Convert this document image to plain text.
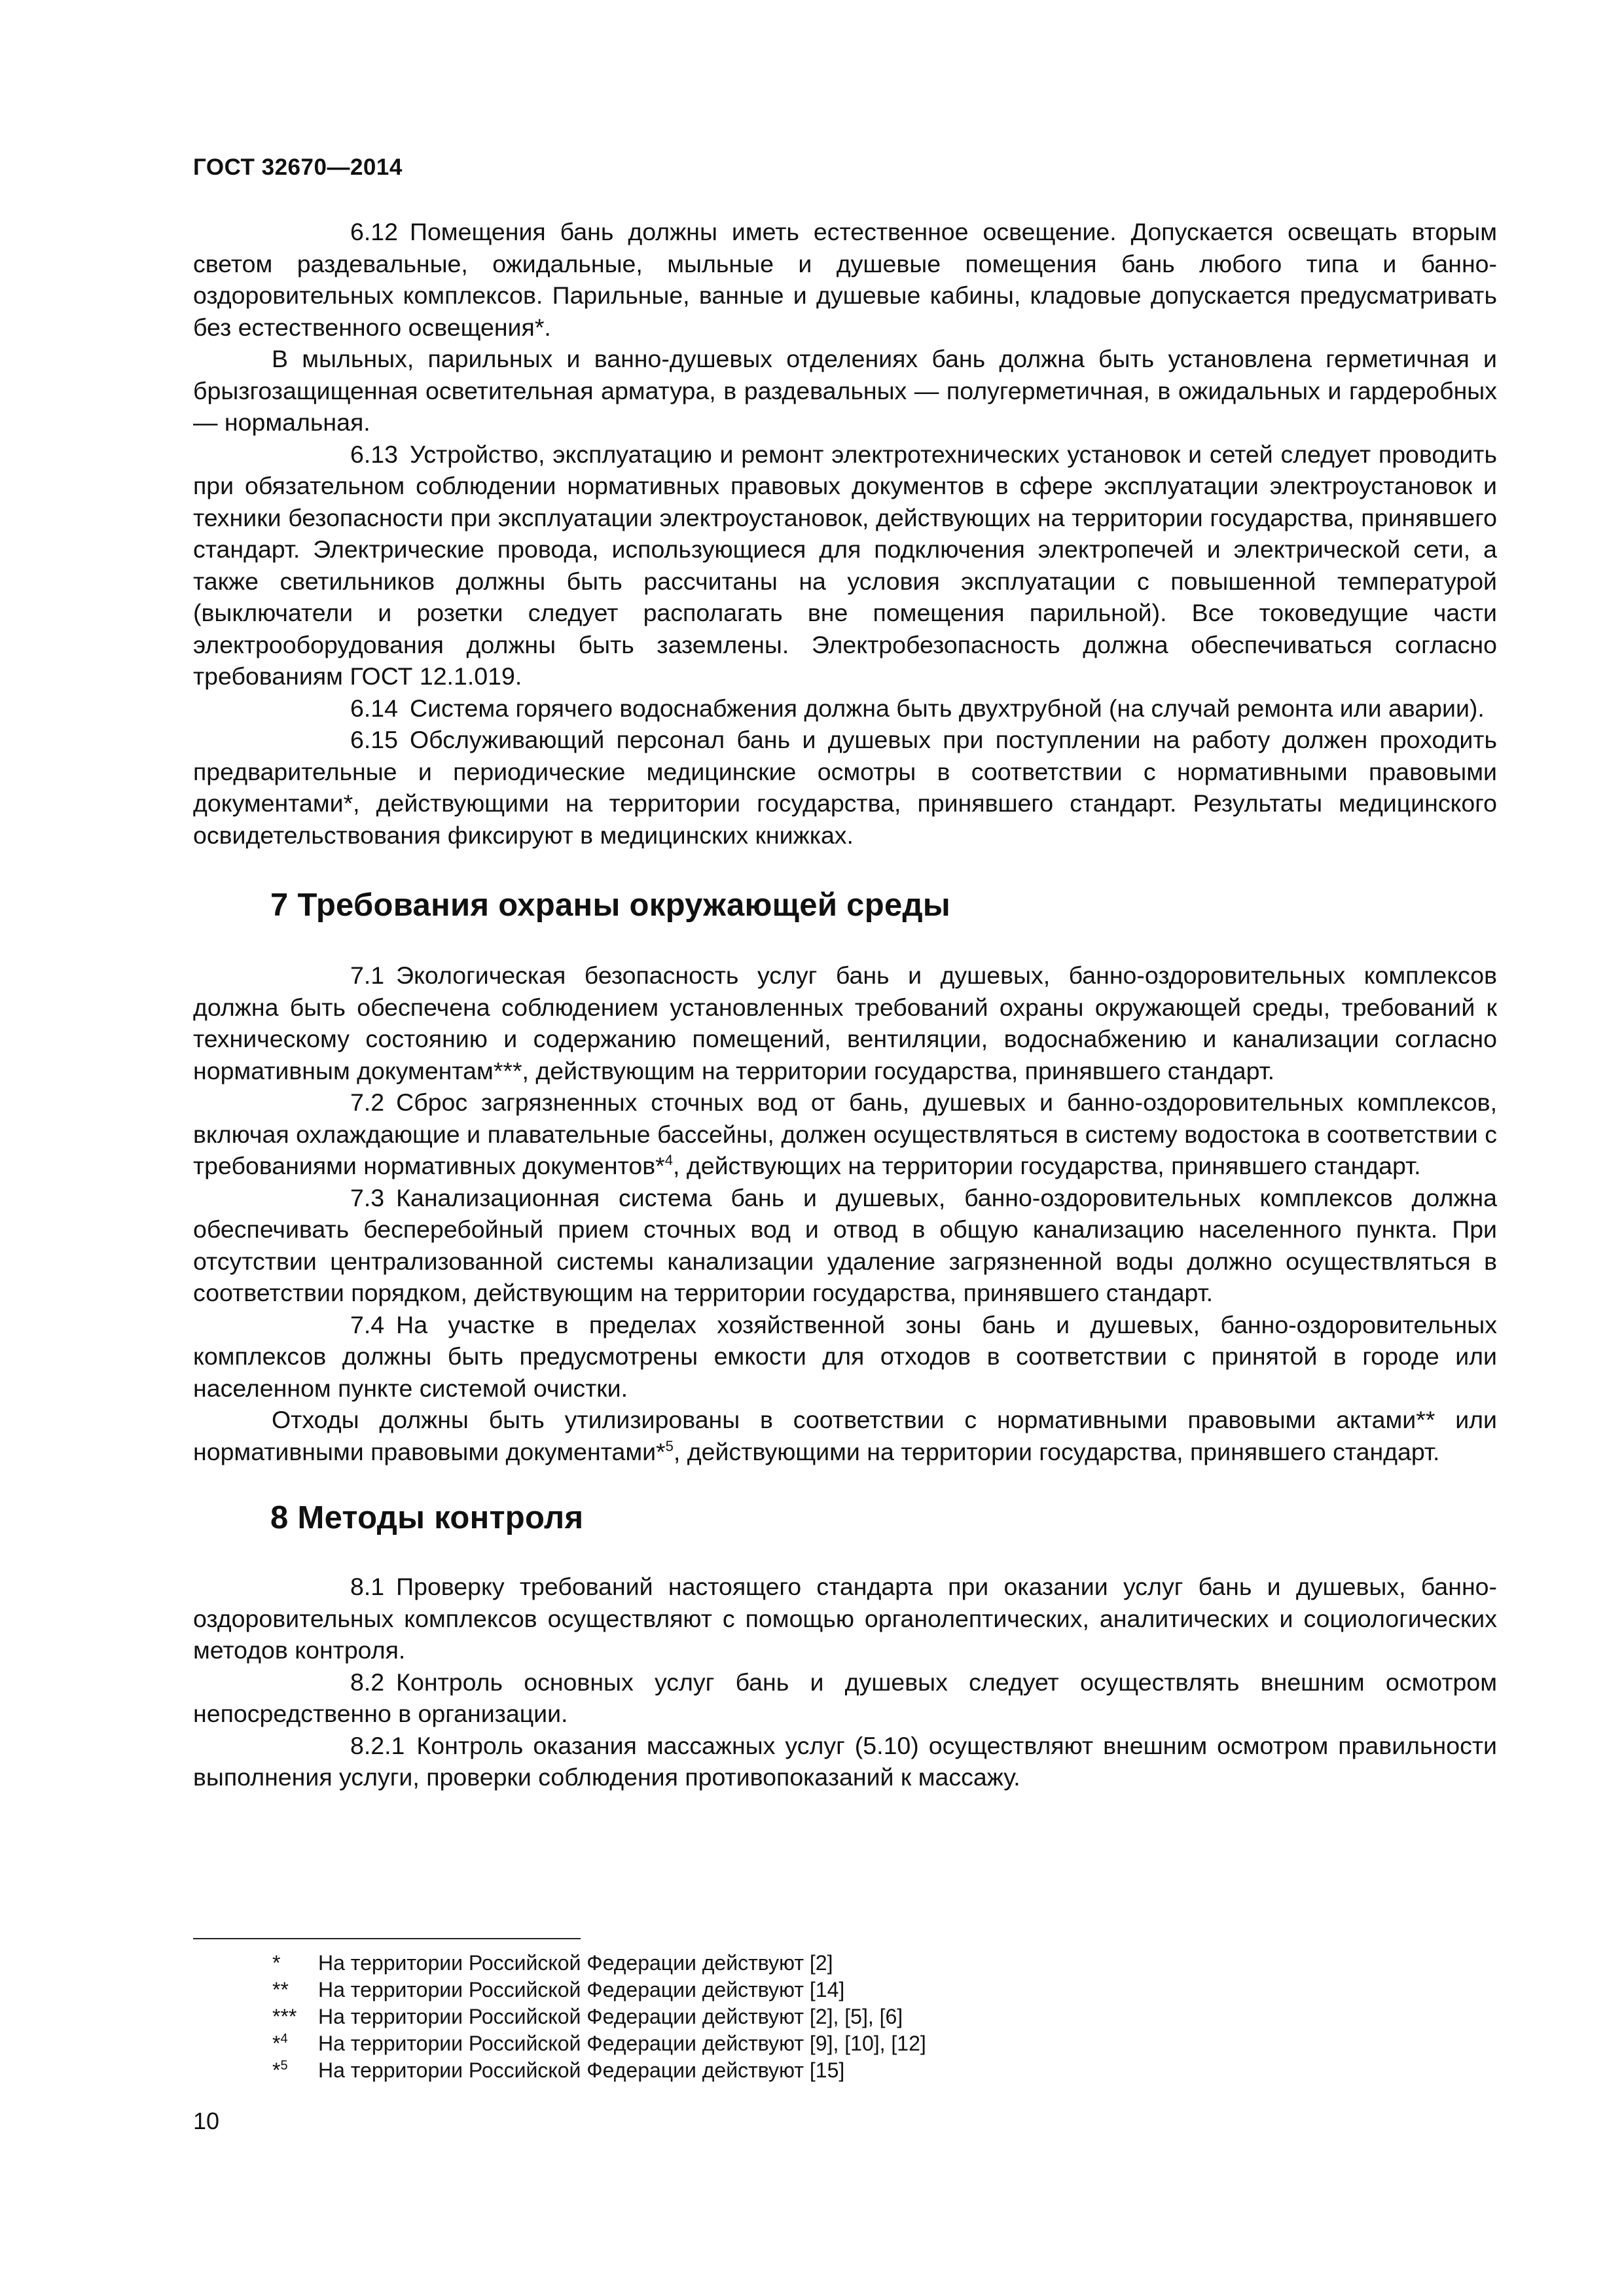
ГОСТ 32670—2014

6.12 Помещения бань должны иметь естественное освещение. Допускается освещать вторым светом раздевальные, ожидальные, мыльные и душевые помещения бань любого типа и банно-оздоровительных комплексов. Парильные, ванные и душевые кабины, кладовые допускается предусматривать без естественного освещения*.

В мыльных, парильных и ванно-душевых отделениях бань должна быть установлена герметичная и брызгозащищенная осветительная арматура, в раздевальных — полугерметичная, в ожидальных и гардеробных — нормальная.

6.13 Устройство, эксплуатацию и ремонт электротехнических установок и сетей следует проводить при обязательном соблюдении нормативных правовых документов в сфере эксплуатации электроустановок и техники безопасности при эксплуатации электроустановок, действующих на территории государства, принявшего стандарт. Электрические провода, использующиеся для подключения электропечей и электрической сети, а также светильников должны быть рассчитаны на условия эксплуатации с повышенной температурой (выключатели и розетки следует располагать вне помещения парильной). Все токоведущие части электрооборудования должны быть заземлены. Электробезопасность должна обеспечиваться согласно требованиям ГОСТ 12.1.019.

6.14 Система горячего водоснабжения должна быть двухтрубной (на случай ремонта или аварии).

6.15 Обслуживающий персонал бань и душевых при поступлении на работу должен проходить предварительные и периодические медицинские осмотры в соответствии с нормативными правовыми документами*, действующими на территории государства, принявшего стандарт. Результаты медицинского освидетельствования фиксируют в медицинских книжках.

7 Требования охраны окружающей среды

7.1 Экологическая безопасность услуг бань и душевых, банно-оздоровительных комплексов должна быть обеспечена соблюдением установленных требований охраны окружающей среды, требований к техническому состоянию и содержанию помещений, вентиляции, водоснабжению и канализации согласно нормативным документам***, действующим на территории государства, принявшего стандарт.

7.2 Сброс загрязненных сточных вод от бань, душевых и банно-оздоровительных комплексов, включая охлаждающие и плавательные бассейны, должен осуществляться в систему водостока в соответствии с требованиями нормативных документов*$^4$, действующих на территории государства, принявшего стандарт.

7.3 Канализационная система бань и душевых, банно-оздоровительных комплексов должна обеспечивать бесперебойный прием сточных вод и отвод в общую канализацию населенного пункта. При отсутствии централизованной системы канализации удаление загрязненной воды должно осуществляться в соответствии порядком, действующим на территории государства, принявшего стандарт.

7.4 На участке в пределах хозяйственной зоны бань и душевых, банно-оздоровительных комплексов должны быть предусмотрены емкости для отходов в соответствии с принятой в городе или населенном пункте системой очистки.

Отходы должны быть утилизированы в соответствии с нормативными правовыми актами** или нормативными правовыми документами*$^5$, действующими на территории государства, принявшего стандарт.

8 Методы контроля

8.1 Проверку требований настоящего стандарта при оказании услуг бань и душевых, банно-оздоровительных комплексов осуществляют с помощью органолептических, аналитических и социологических методов контроля.

8.2 Контроль основных услуг бань и душевых следует осуществлять внешним осмотром непосредственно в организации.

8.2.1 Контроль оказания массажных услуг (5.10) осуществляют внешним осмотром правильности выполнения услуги, проверки соблюдения противопоказаний к массажу.

*	На территории Российской Федерации действуют [2]
**	На территории Российской Федерации действуют [14]
***	На территории Российской Федерации действуют [2], [5], [6]
*$^4$	На территории Российской Федерации действуют [9], [10], [12]
*$^5$	На территории Российской Федерации действуют [15]
10
